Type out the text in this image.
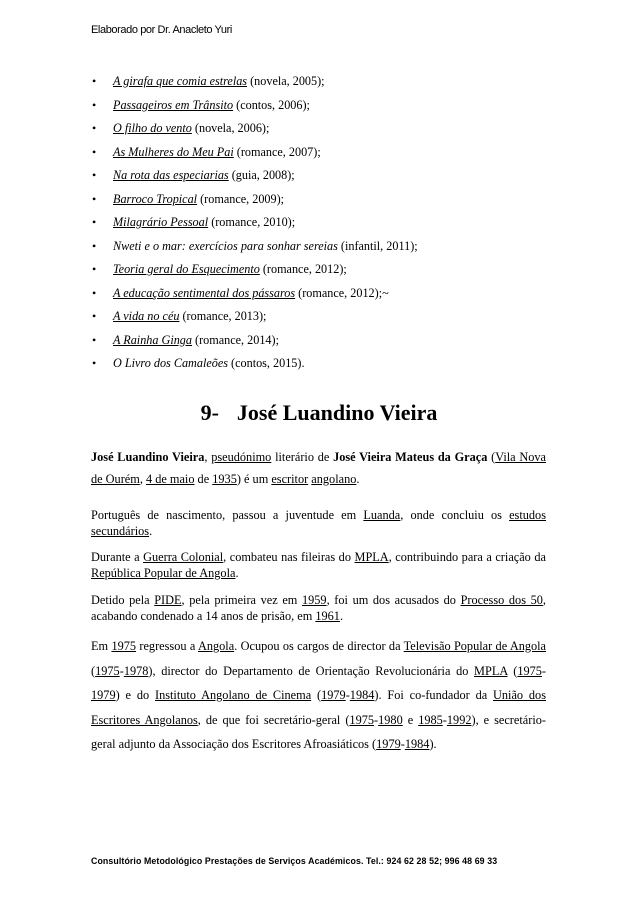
Elaborado por Dr. Anacleto Yuri
• A girafa que comia estrelas (novela, 2005);
• Passageiros em Trânsito (contos, 2006);
• O filho do vento (novela, 2006);
• As Mulheres do Meu Pai (romance, 2007);
• Na rota das especiarias (guia, 2008);
• Barroco Tropical (romance, 2009);
• Milagrário Pessoal (romance, 2010);
• Nweti e o mar: exercícios para sonhar sereias (infantil, 2011);
• Teoria geral do Esquecimento (romance, 2012);
• A educação sentimental dos pássaros (romance, 2012);~
• A vida no céu (romance, 2013);
• A Rainha Ginga (romance, 2014);
• O Livro dos Camaleões (contos, 2015).
9- José Luandino Vieira

José Luandino Vieira, pseudónimo literário de José Vieira Mateus da Graça (Vila Nova de Ourém, 4 de maio de 1935) é um escritor angolano.

Português de nascimento, passou a juventude em Luanda, onde concluiu os estudos secundários.

Durante a Guerra Colonial, combateu nas fileiras do MPLA, contribuindo para a criação da República Popular de Angola.

Detido pela PIDE, pela primeira vez em 1959, foi um dos acusados do Processo dos 50, acabando condenado a 14 anos de prisão, em 1961.

Em 1975 regressou a Angola. Ocupou os cargos de director da Televisão Popular de Angola (1975-1978), director do Departamento de Orientação Revolucionária do MPLA (1975-1979) e do Instituto Angolano de Cinema (1979-1984). Foi co-fundador da União dos Escritores Angolanos, de que foi secretário-geral (1975-1980 e 1985-1992), e secretário-geral adjunto da Associação dos Escritores Afroasiáticos (1979-1984).

Consultório Metodológico Prestações de Serviços Académicos. Tel.: 924 62 28 52; 996 48 69 33
